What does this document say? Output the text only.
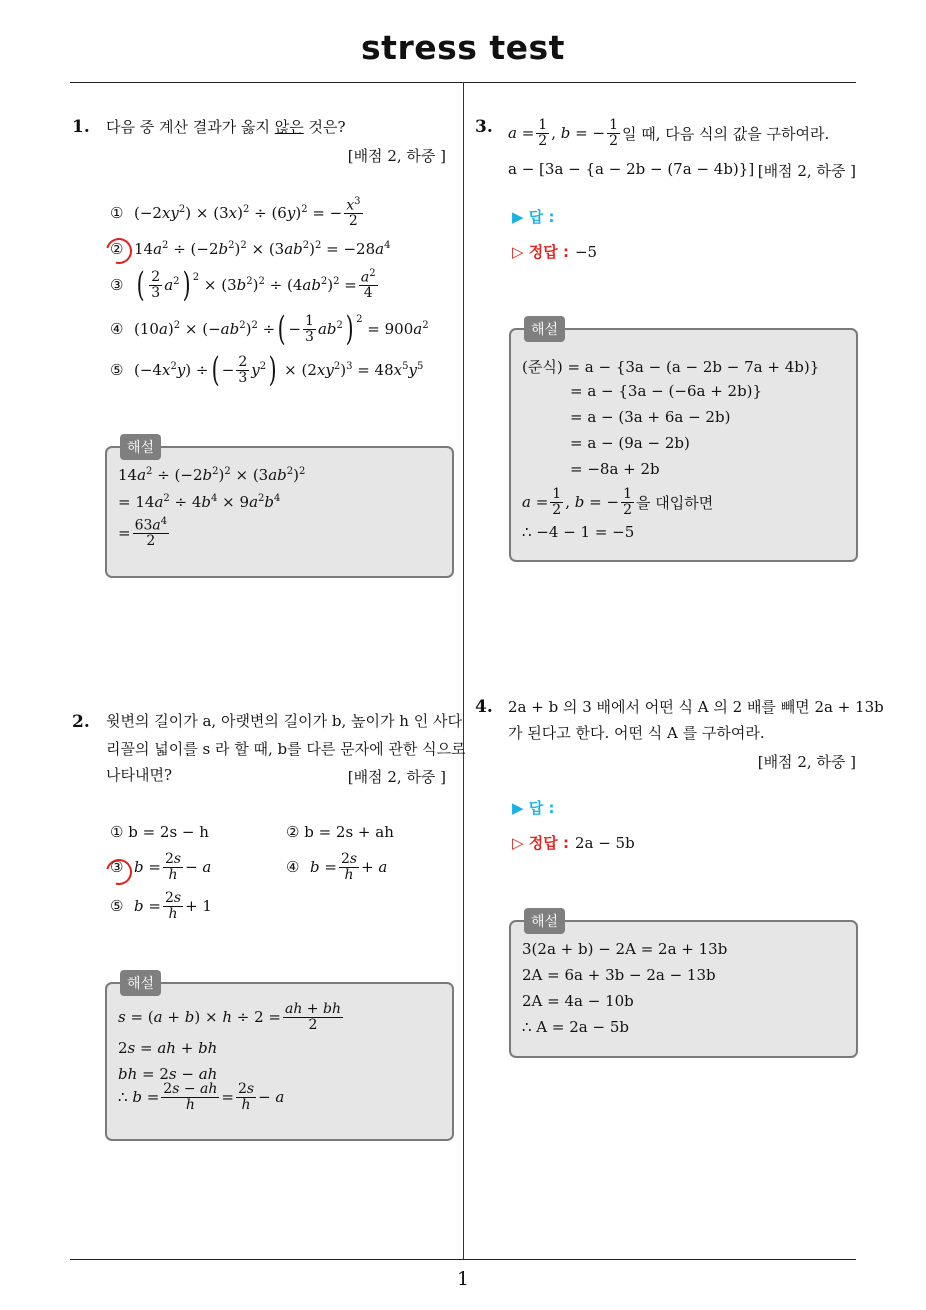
stress test
1
1. 다음 중 계산 결과가 옳지 않은 것은?
[배점 2, 하중 ]
① $(-2xy^2) \times (3x)^2 \div (6y)^2$ = − $\frac{x^3}{2}$
② $14a^2 \div (-2b^2)^2 \times (3ab^2)^2 = -28a^4$
③ ( $\frac{2}{3} a^2$ ) $^2 \times (3b^2)^2 \div (4ab^2)^2 = \frac{a^2}{4}$
④ $(10a)^2 \times (-ab^2)^2$ ÷ ( − $\frac{1}{3} ab^2$ ) $^2$
= $900a^2$
⑤ $(-4x^2y)$ ÷ ( − $\frac{2}{3} y^2$ ) × $(2xy^2)^3 = 48x^5y^5$
해설
$14a^2 \div (-2b^2)^2 \times (3ab^2)^2$
= $14a^2 \div 4b^4 \times 9a^2b^4$
= $\frac{63a^4}{2}$
2. 윗변의 길이가 a, 아랫변의 길이가 b, 높이가 h 인 사다
리꼴의 넓이를 s 라 할 때, b를 다른 문자에 관한 식으로
나타내면?	[배점 2, 하중 ]
① b = 2s − h	② b = 2s + ah
③ $b = \frac{2s}{h} - a$	④ $b = \frac{2s}{h} + a$
⑤ $b = \frac{2s}{h} + 1$
해설
$s = (a + b) \times h \div 2 = \frac{ah + bh}{2}$
2s = ah + bh
bh = 2s − ah
∴ $b = \frac{2s - ah}{h} = \frac{2s}{h} - a$
3. $a = \frac{1}{2}$ , b = − $\frac{1}{2}$ 일 때, 다음 식의 값을 구하여라.
a − [3a − {a − 2b − (7a − 4b)}] [배점 2, 하중 ]
▶ 답 :
▷ 정답 : −5
해설
(준식) = a − {3a − (a − 2b − 7a + 4b)}
= a − {3a − (−6a + 2b)}
= a − (3a + 6a − 2b)
= a − (9a − 2b)
= −8a + 2b
$a = \frac{1}{2}$ , b = − $\frac{1}{2}$ 을 대입하면
∴ −4 − 1 = −5
4. 2a + b 의 3 배에서 어떤 식 A 의 2 배를 빼면 2a + 13b
가 된다고 한다. 어떤 식 A 를 구하여라.
[배점 2, 하중 ]
▶ 답 :
▷ 정답 : 2a − 5b
해설
3(2a + b) − 2A = 2a + 13b
2A = 6a + 3b − 2a − 13b
2A = 4a − 10b
∴ A = 2a − 5b
